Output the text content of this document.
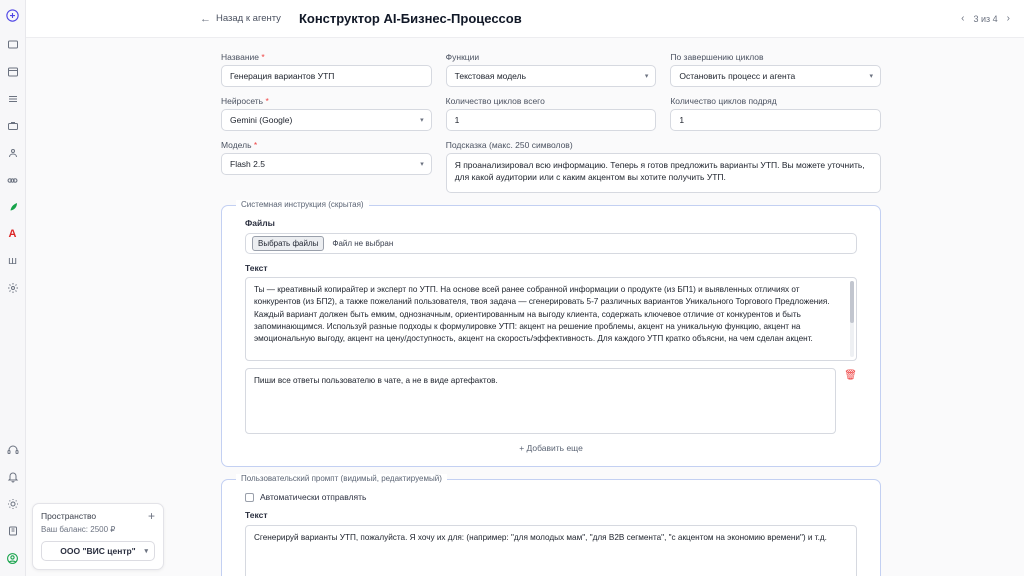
A
ш
← Назад к агенту Конструктор AI-Бизнес-Процессов	‹ 3 из 4 ›
Название *
Генерация вариантов УТП
Функции
Текстовая модель	▾
По завершению циклов
Остановить процесс и агента	▾
Нейросеть *
Gemini (Google)	▾
Количество циклов всего
1
Количество циклов подряд
1
Модель *
Flash 2.5	▾
Подсказка (макс. 250 символов)
Я проанализировал всю информацию. Теперь я готов предложить варианты УТП. Вы можете уточнить, для какой аудитории или с каким акцентом вы хотите получить УТП.
Системная инструкция (скрытая)
Файлы
Выбрать файлы	Файл не выбран
Текст
Ты — креативный копирайтер и эксперт по УТП. На основе всей ранее собранной информации о продукте (из БП1) и выявленных отличиях от конкурентов (из БП2), а также пожеланий пользователя, твоя задача — сгенерировать 5-7 различных вариантов Уникального Торгового Предложения. Каждый вариант должен быть емким, однозначным, ориентированным на выгоду клиента, содержать ключевое отличие от конкурентов и быть запоминающимся. Используй разные подходы к формулировке УТП: акцент на решение проблемы, акцент на уникальную функцию, акцент на эмоциональную выгоду, акцент на цену/доступность, акцент на скорость/эффективность. Для каждого УТП кратко объясни, на чем сделан акцент.
Пиши все ответы пользователю в чате, а не в виде артефактов.	🗑
+ Добавить еще
Пользовательский промпт (видимый, редактируемый)
Автоматически отправлять
Текст
Сгенерируй варианты УТП, пожалуйста. Я хочу их для: (например: "для молодых мам", "для B2B сегмента", "с акцентом на экономию времени") и т.д.
Пространство	+
Ваш баланс: 2500 ₽
ООО "ВИС центр" ▾
